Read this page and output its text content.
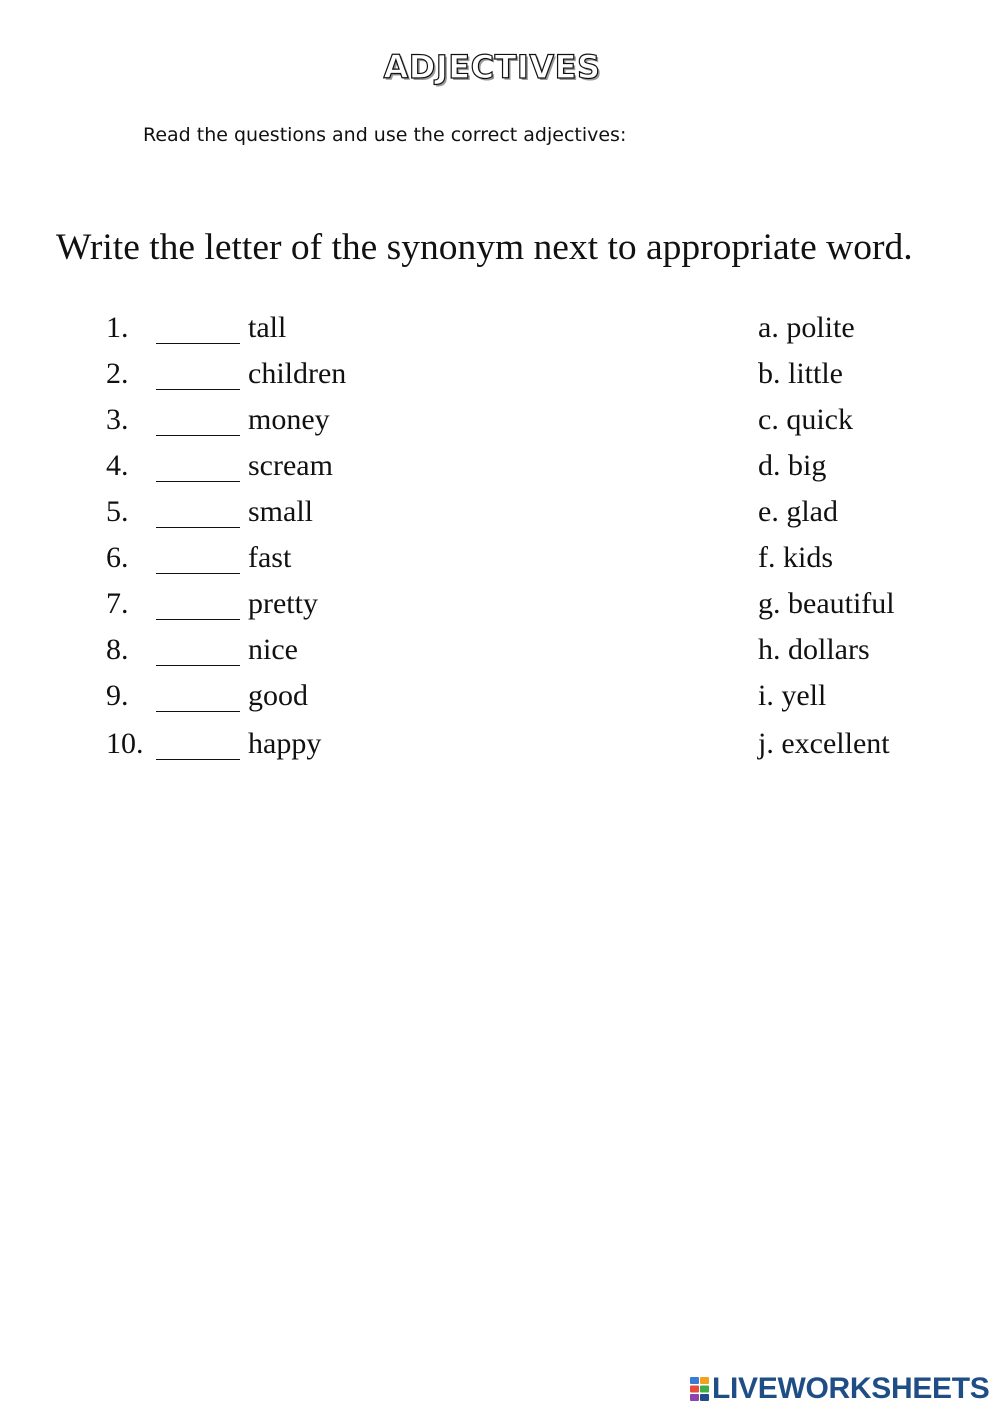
ADJECTIVES
Read the questions and use the correct adjectives:
Write the letter of the synonym next to appropriate word.
1.	tall	a. polite
2.	children	b. little
3.	money	c. quick
4.	scream	d. big
5.	small	e. glad
6.	fast	f. kids
7.	pretty	g. beautiful
8.	nice	h. dollars
9.	good	i. yell
10.	happy	j. excellent
LIVEWORKSHEETS
